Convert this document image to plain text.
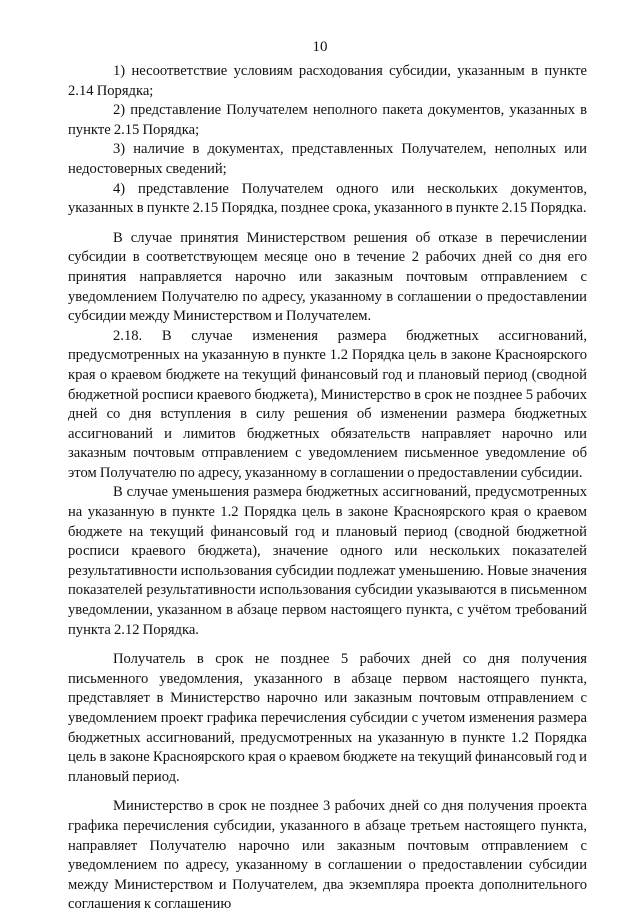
10

1) несоответствие условиям расходования субсидии, указанным в пункте 2.14 Порядка;

2) представление Получателем неполного пакета документов, указанных в пункте 2.15 Порядка;

3) наличие в документах, представленных Получателем, неполных или недостоверных сведений;

4) представление Получателем одного или нескольких документов, указанных в пункте 2.15 Порядка, позднее срока, указанного в пункте 2.15 Порядка.

В случае принятия Министерством решения об отказе в перечислении субсидии в соответствующем месяце оно в течение 2 рабочих дней со дня его принятия направляется нарочно или заказным почтовым отправлением с уведомлением Получателю по адресу, указанному в соглашении о предоставлении субсидии между Министерством и Получателем.

2.18. В случае изменения размера бюджетных ассигнований, предусмотренных на указанную в пункте 1.2 Порядка цель в законе Красноярского края о краевом бюджете на текущий финансовый год и плановый период (сводной бюджетной росписи краевого бюджета), Министерство в срок не позднее 5 рабочих дней со дня вступления в силу решения об изменении размера бюджетных ассигнований и лимитов бюджетных обязательств направляет нарочно или заказным почтовым отправлением с уведомлением письменное уведомление об этом Получателю по адресу, указанному в соглашении о предоставлении субсидии.

В случае уменьшения размера бюджетных ассигнований, предусмотренных на указанную в пункте 1.2 Порядка цель в законе Красноярского края о краевом бюджете на текущий финансовый год и плановый период (сводной бюджетной росписи краевого бюджета), значение одного или нескольких показателей результативности использования субсидии подлежат уменьшению. Новые значения показателей результативности использования субсидии указываются в письменном уведомлении, указанном в абзаце первом настоящего пункта, с учётом требований пункта 2.12 Порядка.

Получатель в срок не позднее 5 рабочих дней со дня получения письменного уведомления, указанного в абзаце первом настоящего пункта, представляет в Министерство нарочно или заказным почтовым отправлением с уведомлением проект графика перечисления субсидии с учетом изменения размера бюджетных ассигнований, предусмотренных на указанную в пункте 1.2 Порядка цель в законе Красноярского края о краевом бюджете на текущий финансовый год и плановый период.

Министерство в срок не позднее 3 рабочих дней со дня получения проекта графика перечисления субсидии, указанного в абзаце третьем настоящего пункта, направляет Получателю нарочно или заказным почтовым отправлением с уведомлением по адресу, указанному в соглашении о предоставлении субсидии между Министерством и Получателем, два экземпляра проекта дополнительного соглашения к соглашению
